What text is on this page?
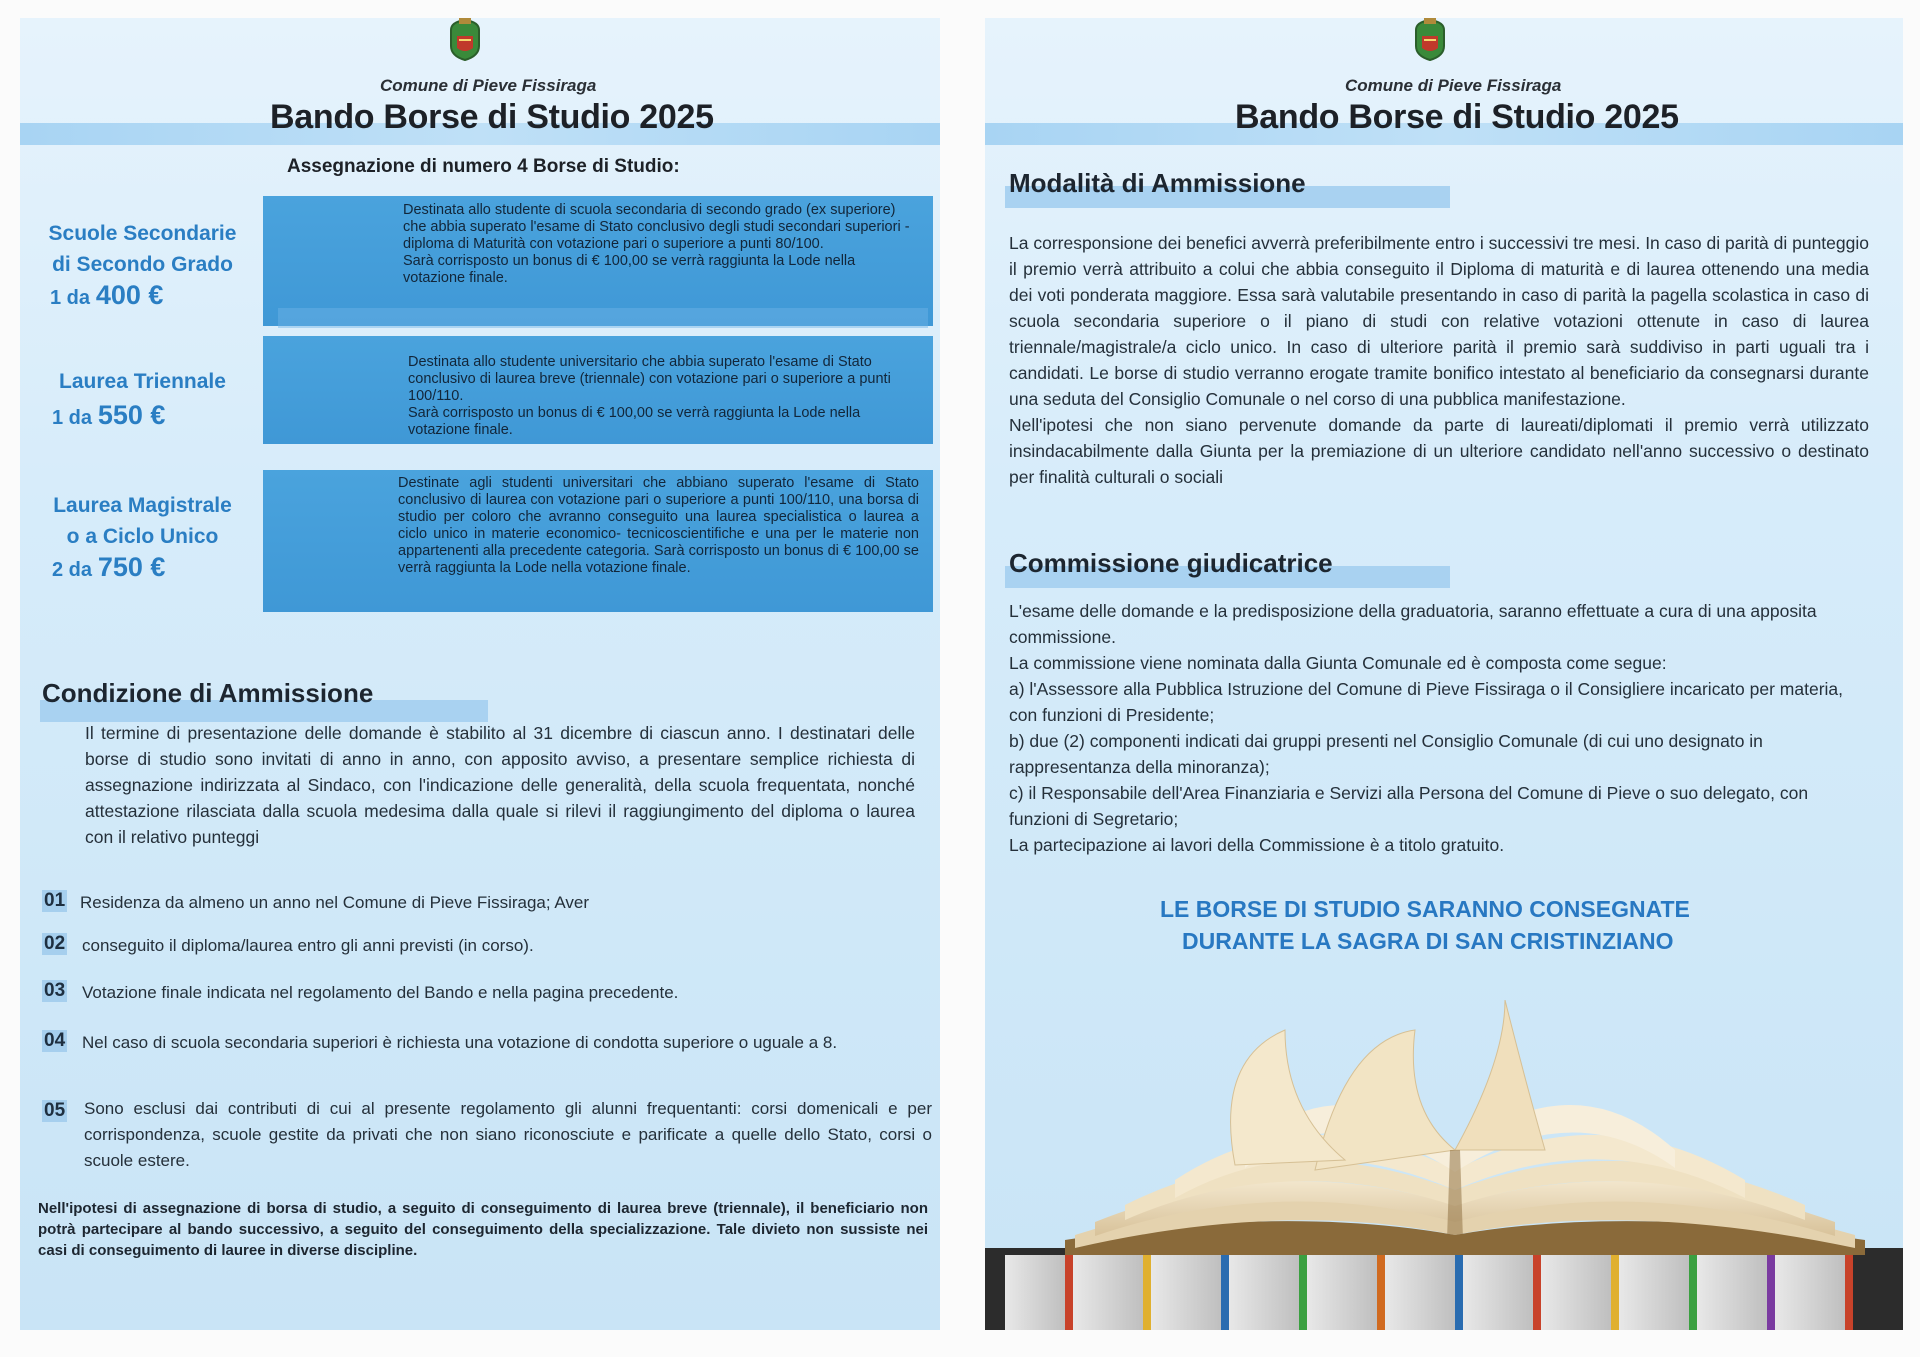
Comune di Pieve Fissiraga
Bando Borse di Studio 2025
Assegnazione di numero 4 Borse di Studio:
Scuole Secondarie
di Secondo Grado
1 da 400 €

Destinata allo studente di scuola secondaria di secondo grado (ex superiore) che abbia superato l'esame di Stato conclusivo degli studi secondari superiori - diploma di Maturità con votazione pari o superiore a punti 80/100.

Sarà corrisposto un bonus di € 100,00 se verrà raggiunta la Lode nella votazione finale.

Laurea Triennale
1 da 550 €

Destinata allo studente universitario che abbia superato l'esame di Stato conclusivo di laurea breve (triennale) con votazione pari o superiore a punti 100/110.

Sarà corrisposto un bonus di € 100,00 se verrà raggiunta la Lode nella votazione finale.

Laurea Magistrale
o a Ciclo Unico
2 da 750 €

Destinate agli studenti universitari che abbiano superato l'esame di Stato conclusivo di laurea con votazione pari o superiore a punti 100/110, una borsa di studio per coloro che avranno conseguito una laurea specialistica o laurea a ciclo unico in materie economico- tecnicoscientifiche e una per le materie non appartenenti alla precedente categoria. Sarà corrisposto un bonus di € 100,00 se verrà raggiunta la Lode nella votazione finale.

Condizione di Ammissione
Il termine di presentazione delle domande è stabilito al 31 dicembre di ciascun anno. I destinatari delle borse di studio sono invitati di anno in anno, con apposito avviso, a presentare semplice richiesta di assegnazione indirizzata al Sindaco, con l'indicazione delle generalità, della scuola frequentata, nonché attestazione rilasciata dalla scuola medesima dalla quale si rilevi il raggiungimento del diploma o laurea con il relativo punteggi
01 Residenza da almeno un anno nel Comune di Pieve Fissiraga; Aver
02 conseguito il diploma/laurea entro gli anni previsti (in corso).
03 Votazione finale indicata nel regolamento del Bando e nella pagina precedente.
04 Nel caso di scuola secondaria superiori è richiesta una votazione di condotta superiore o uguale a 8.
05 Sono esclusi dai contributi di cui al presente regolamento gli alunni frequentanti: corsi domenicali e per corrispondenza, scuole gestite da privati che non siano riconosciute e parificate a quelle dello Stato, corsi o scuole estere.
Nell'ipotesi di assegnazione di borsa di studio, a seguito di conseguimento di laurea breve (triennale), il beneficiario non potrà partecipare al bando successivo, a seguito del conseguimento della specializzazione. Tale divieto non sussiste nei casi di conseguimento di lauree in diverse discipline.
Comune di Pieve Fissiraga
Bando Borse di Studio 2025
Modalità di Ammissione
La corresponsione dei benefici avverrà preferibilmente entro i successivi tre mesi. In caso di parità di punteggio il premio verrà attribuito a colui che abbia conseguito il Diploma di maturità e di laurea ottenendo una media dei voti ponderata maggiore. Essa sarà valutabile presentando in caso di parità la pagella scolastica in caso di scuola secondaria superiore o il piano di studi con relative votazioni ottenute in caso di laurea triennale/magistrale/a ciclo unico. In caso di ulteriore parità il premio sarà suddiviso in parti uguali tra i candidati. Le borse di studio verranno erogate tramite bonifico intestato al beneficiario da consegnarsi durante una seduta del Consiglio Comunale o nel corso di una pubblica manifestazione.
Nell'ipotesi che non siano pervenute domande da parte di laureati/diplomati il premio verrà utilizzato insindacabilmente dalla Giunta per la premiazione di un ulteriore candidato nell'anno successivo o destinato per finalità culturali o sociali
Commissione giudicatrice
L'esame delle domande e la predisposizione della graduatoria, saranno effettuate a cura di una apposita commissione.
La commissione viene nominata dalla Giunta Comunale ed è composta come segue:
a) l'Assessore alla Pubblica Istruzione del Comune di Pieve Fissiraga o il Consigliere incaricato per materia, con funzioni di Presidente;
b) due (2) componenti indicati dai gruppi presenti nel Consiglio Comunale (di cui uno designato in rappresentanza della minoranza);
c) il Responsabile dell'Area Finanziaria e Servizi alla Persona del Comune di Pieve o suo delegato, con funzioni di Segretario;
La partecipazione ai lavori della Commissione è a titolo gratuito.
LE BORSE DI STUDIO SARANNO CONSEGNATE
DURANTE LA SAGRA DI SAN CRISTINZIANO
